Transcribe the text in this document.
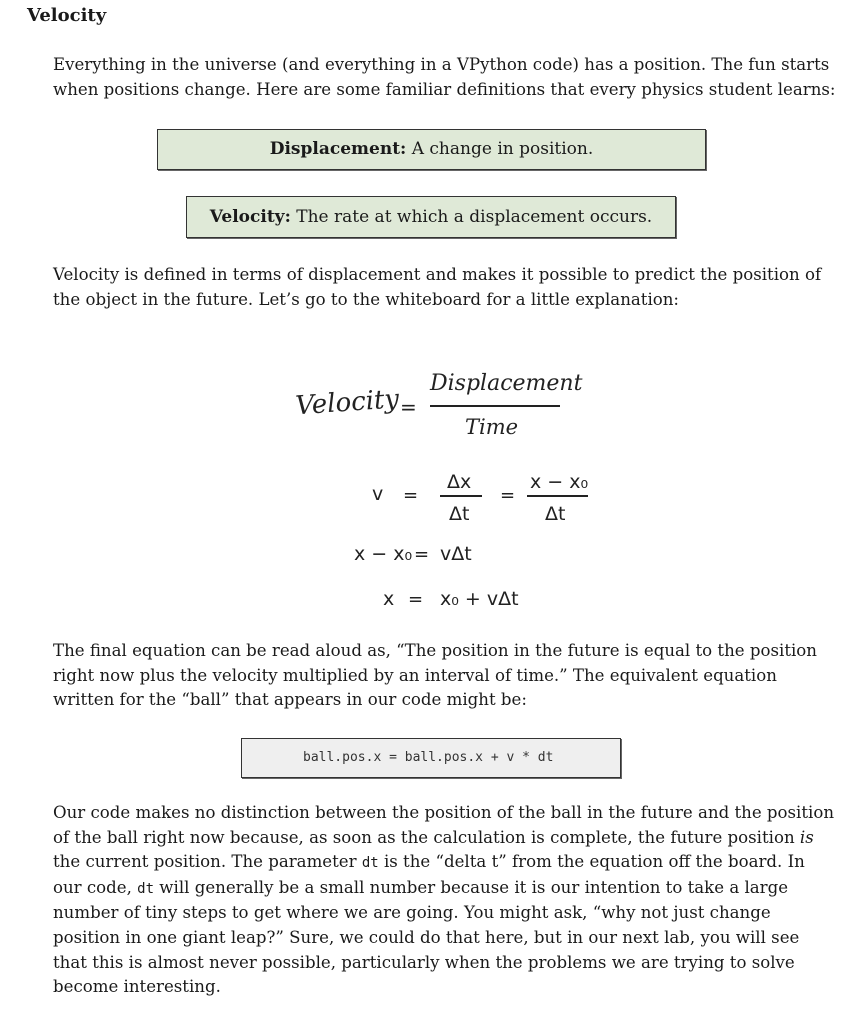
Velocity

Everything in the universe (and everything in a VPython code) has a position. The fun starts when positions change. Here are some familiar definitions that every physics student learns:

Displacement: A change in position.
Velocity: The rate at which a displacement occurs.

Velocity is defined in terms of displacement and makes it possible to predict the position of the object in the future. Let’s go to the whiteboard for a little explanation:

Velocity =
Displacement
Time
v =
Δx
Δt
=
x − x₀
Δt
x − x₀ = vΔt
x = x₀ + vΔt

The final equation can be read aloud as, “The position in the future is equal to the position right now plus the velocity multiplied by an interval of time.” The equivalent equation written for the “ball” that appears in our code might be:

ball.pos.x = ball.pos.x + v * dt

Our code makes no distinction between the position of the ball in the future and the position of the ball right now because, as soon as the calculation is complete, the future position is the current position. The parameter dt is the “delta t” from the equation off the board. In our code, dt will generally be a small number because it is our intention to take a large number of tiny steps to get where we are going. You might ask, “why not just change position in one giant leap?” Sure, we could do that here, but in our next lab, you will see that this is almost never possible, particularly when the problems we are trying to solve become interesting.
